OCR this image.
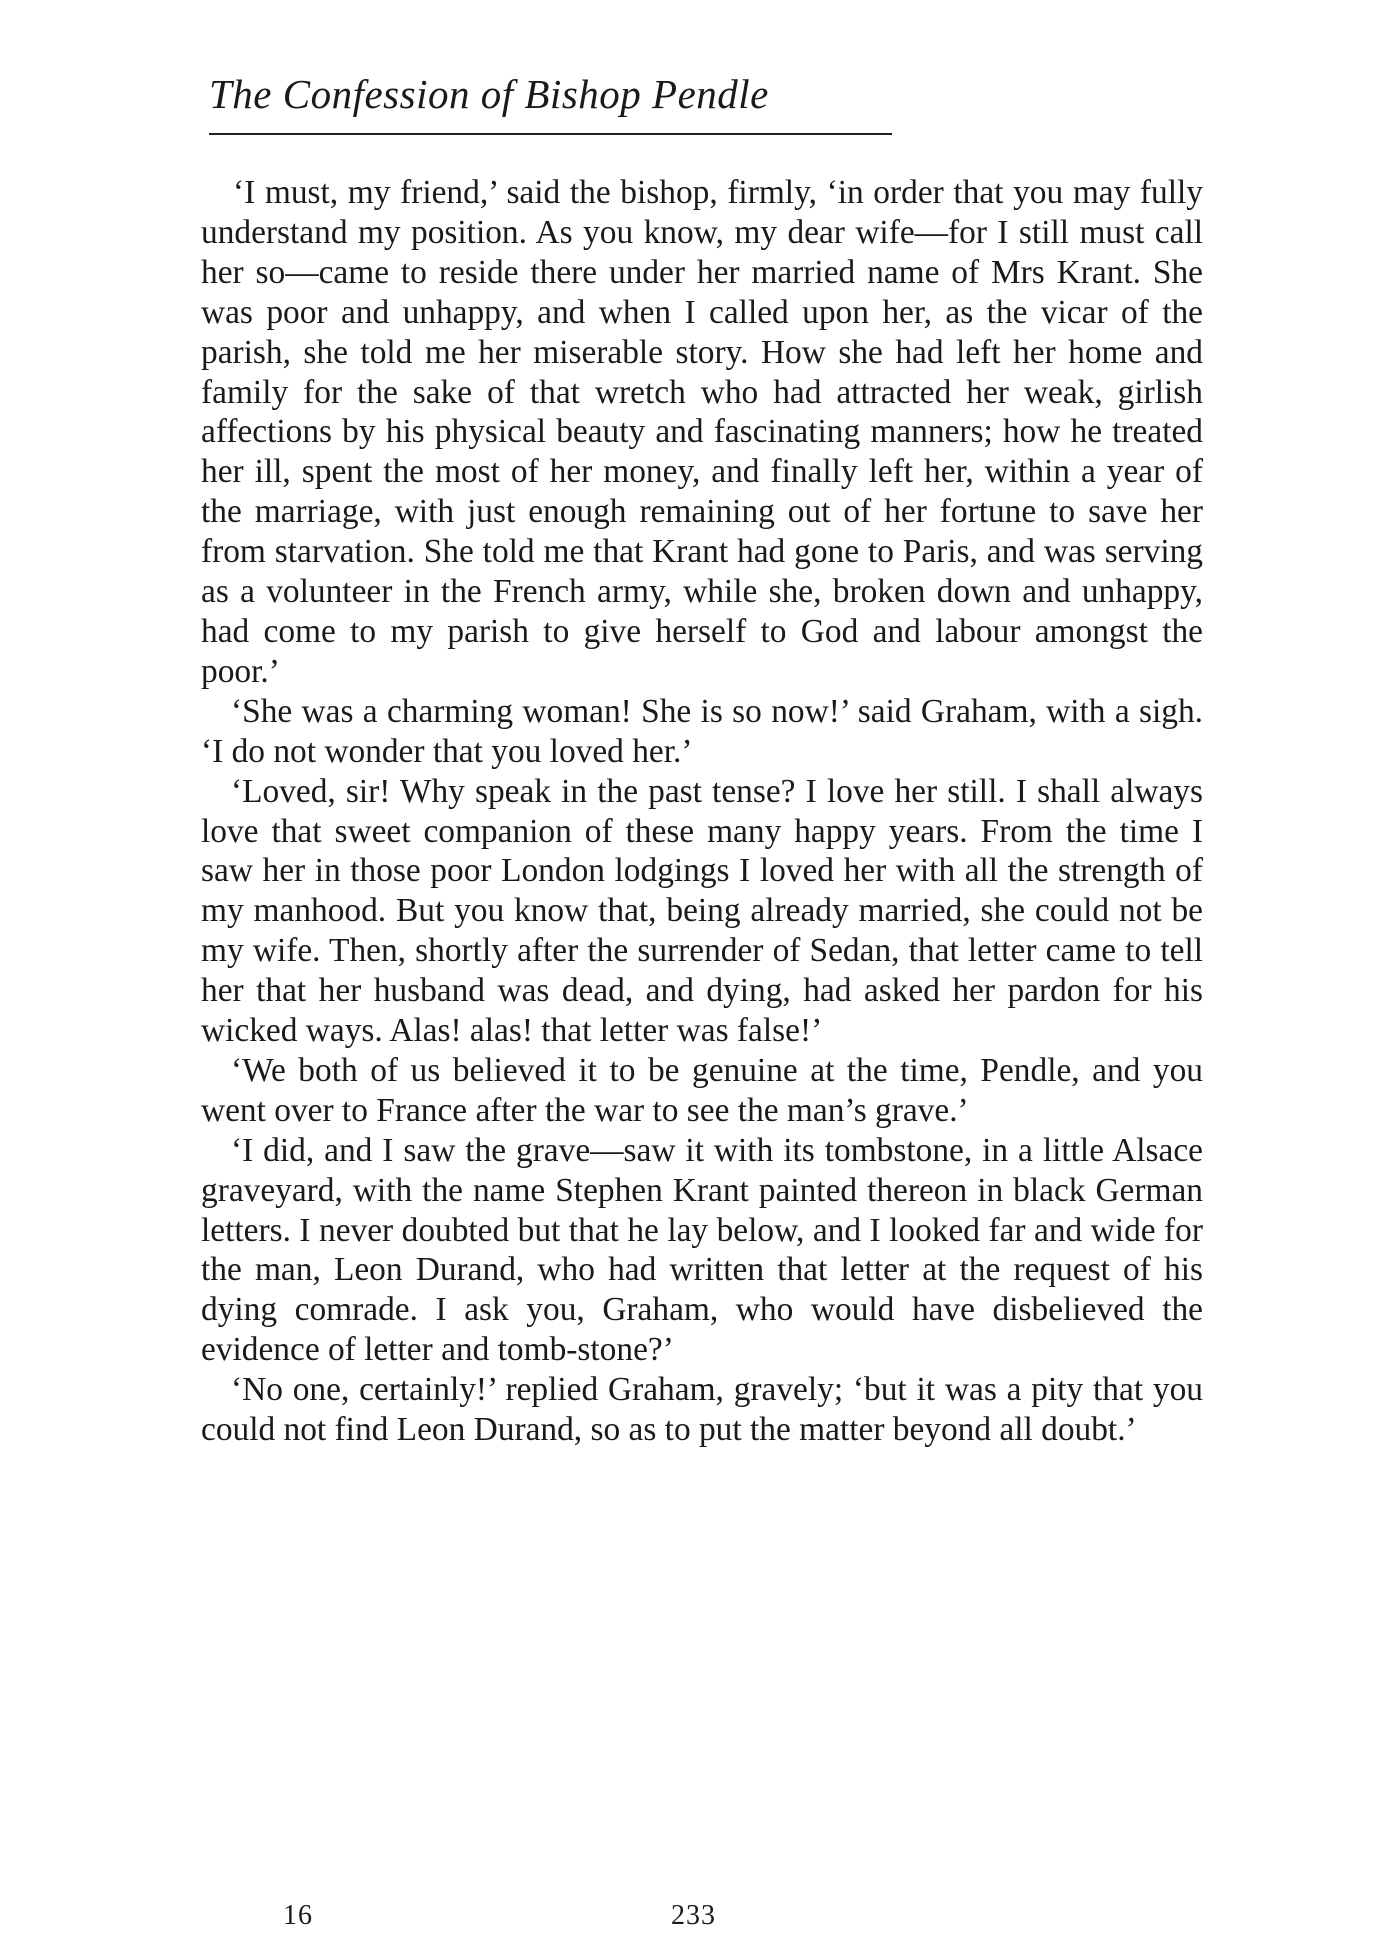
The Confession of Bishop Pendle

‘I must, my friend,’ said the bishop, firmly, ‘in order that you may fully understand my position. As you know, my dear wife—for I still must call her so—came to reside there under her married name of Mrs Krant. She was poor and unhappy, and when I called upon her, as the vicar of the parish, she told me her miserable story. How she had left her home and family for the sake of that wretch who had attracted her weak, girlish affections by his physical beauty and fascinating manners; how he treated her ill, spent the most of her money, and finally left her, within a year of the marriage, with just enough remaining out of her fortune to save her from starvation. She told me that Krant had gone to Paris, and was serving as a volunteer in the French army, while she, broken down and unhappy, had come to my parish to give herself to God and labour amongst the poor.’

‘She was a charming woman! She is so now!’ said Graham, with a sigh. ‘I do not wonder that you loved her.’

‘Loved, sir! Why speak in the past tense? I love her still. I shall always love that sweet companion of these many happy years. From the time I saw her in those poor London lodgings I loved her with all the strength of my manhood. But you know that, being already married, she could not be my wife. Then, shortly after the surrender of Sedan, that letter came to tell her that her husband was dead, and dying, had asked her pardon for his wicked ways. Alas! alas! that letter was false!’

‘We both of us believed it to be genuine at the time, Pendle, and you went over to France after the war to see the man’s grave.’

‘I did, and I saw the grave—saw it with its tombstone, in a little Alsace graveyard, with the name Stephen Krant painted thereon in black German letters. I never doubted but that he lay below, and I looked far and wide for the man, Leon Durand, who had written that letter at the request of his dying comrade. I ask you, Graham, who would have disbelieved the evidence of letter and tomb-stone?’

‘No one, certainly!’ replied Graham, gravely; ‘but it was a pity that you could not find Leon Durand, so as to put the matter beyond all doubt.’

16	233
